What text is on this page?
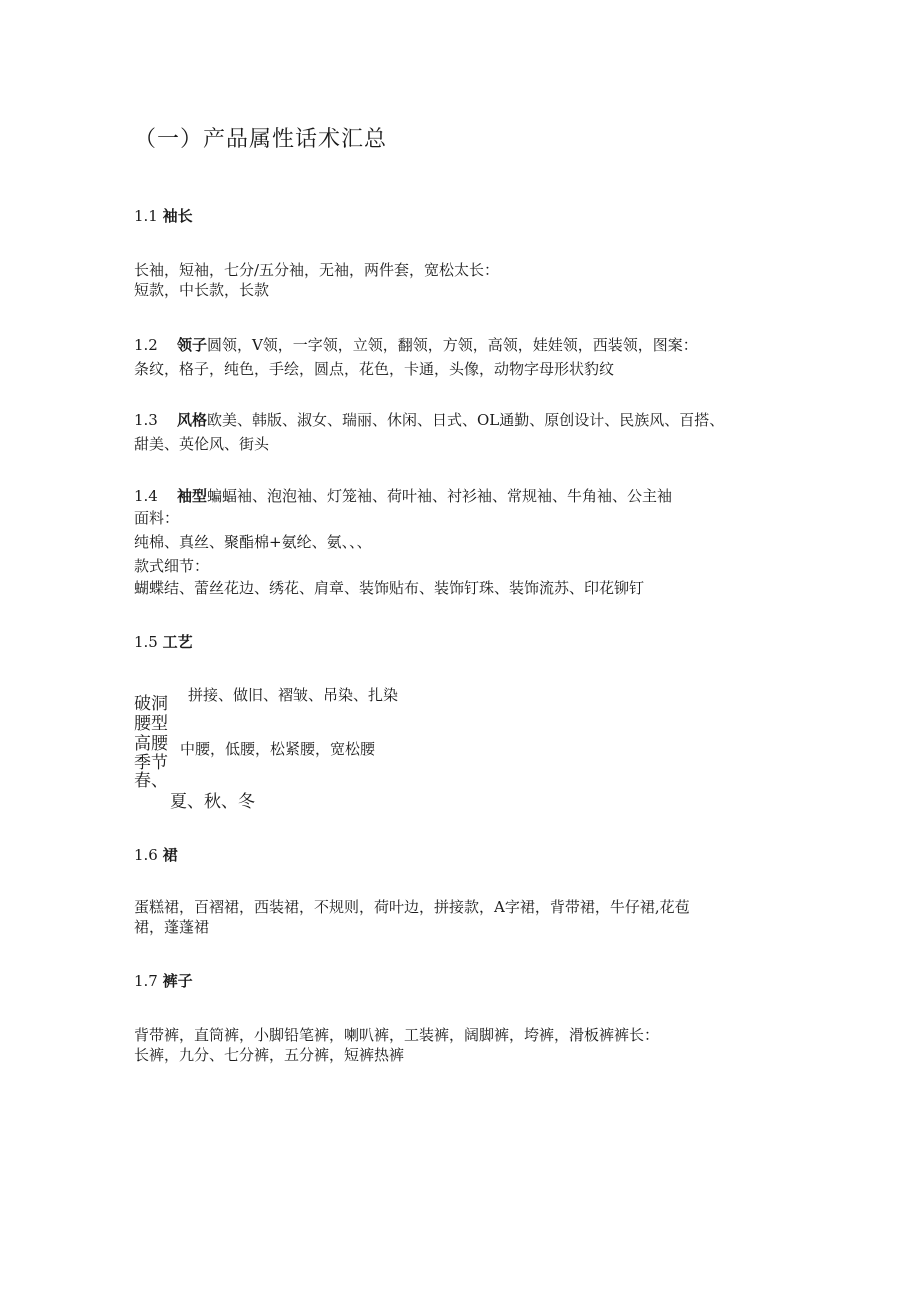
（一）产品属性话术汇总
1.1 袖长
长袖，短袖，七分/五分袖，无袖，两件套，宽松太长：
短款，中长款，长款
1.2 领子圆领，V领，一字领，立领，翻领，方领，高领，娃娃领，西装领，图案：
条纹，格子，纯色，手绘，圆点，花色，卡通，头像，动物字母形状豹纹
1.3 风格欧美、韩版、淑女、瑞丽、休闲、日式、OL通勤、原创设计、民族风、百搭、
甜美、英伦风、街头
1.4 袖型蝙蝠袖、泡泡袖、灯笼袖、荷叶袖、衬衫袖、常规袖、牛角袖、公主袖
面料：
纯棉、真丝、聚酯棉+氨纶、氨、、、
款式细节：
蝴蝶结、蕾丝花边、绣花、肩章、装饰贴布、装饰钉珠、装饰流苏、印花铆钉
1.5 工艺
拼接、做旧、褶皱、吊染、扎染
破洞
腰型
高腰 中腰，低腰，松紧腰，宽松腰
季节
春、
夏、秋、冬
1.6 裙
蛋糕裙，百褶裙，西装裙，不规则，荷叶边，拼接款，A字裙，背带裙，牛仔裙,花苞
裙，蓬蓬裙
1.7 裤子
背带裤，直筒裤，小脚铅笔裤，喇叭裤，工装裤，阔脚裤，垮裤，滑板裤裤长：
长裤，九分、七分裤，五分裤，短裤热裤
